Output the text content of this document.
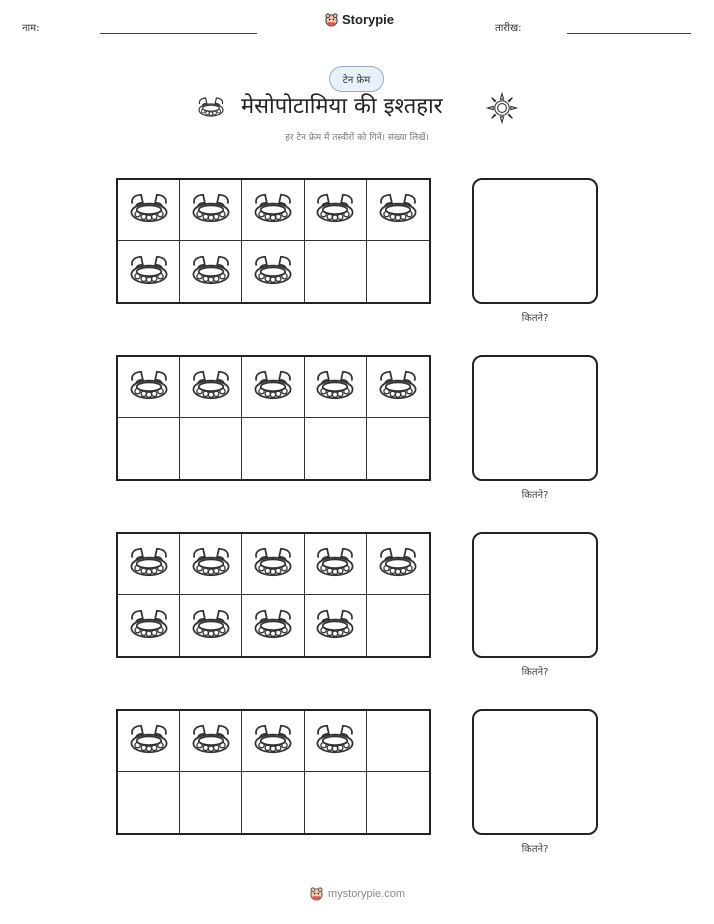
नाम:
Storypie
तारीख:
टेन फ्रेम
मेसोपोटामिया की इश्तहार
हर टेन फ्रेम में तस्वीरों को गिनें। संख्या लिखें।
कितने?
कितने?
कितने?
कितने?
mystorypie.com
